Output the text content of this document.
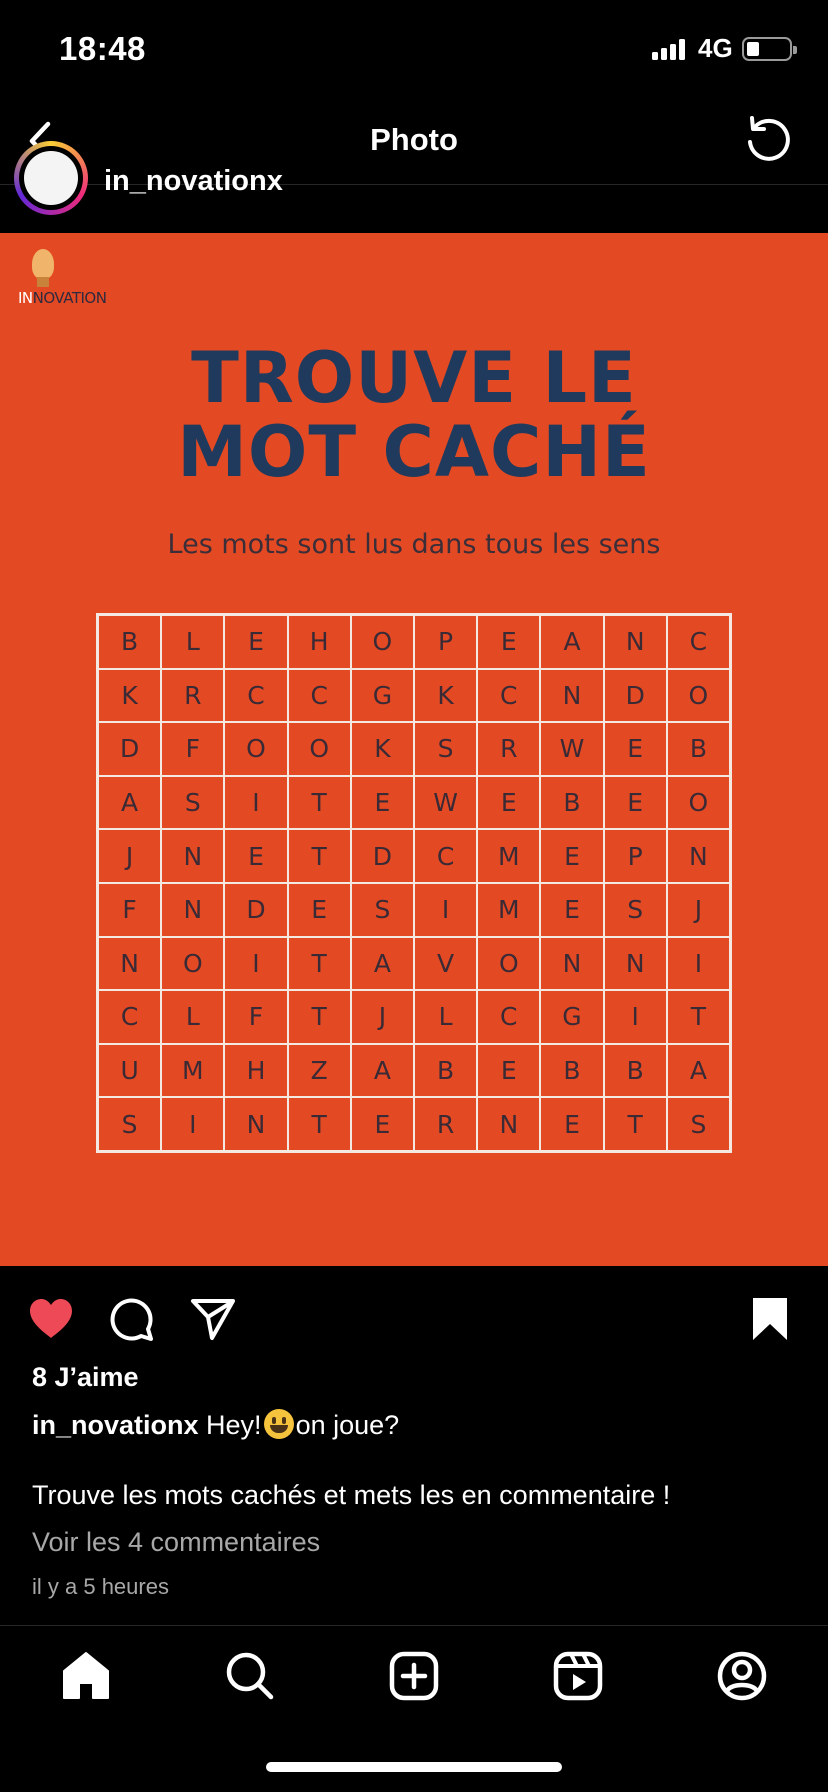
18:48	4G
Photo
in_novationx
INNOVATION
TROUVE LE
MOT CACHÉ
Les mots sont lus dans tous les sens
B	L	E	H	O	P	E	A	N	C
K	R	C	C	G	K	C	N	D	O
D	F	O	O	K	S	R	W	E	B
A	S	I	T	E	W	E	B	E	O
J	N	E	T	D	C	M	E	P	N
F	N	D	E	S	I	M	E	S	J
N	O	I	T	A	V	O	N	N	I
C	L	F	T	J	L	C	G	I	T
U	M	H	Z	A	B	E	B	B	A
S	I	N	T	E	R	N	E	T	S
8 J’aime
in_novationx Hey! on joue?
Trouve les mots cachés et mets les en commentaire !
Voir les 4 commentaires
il y a 5 heures
